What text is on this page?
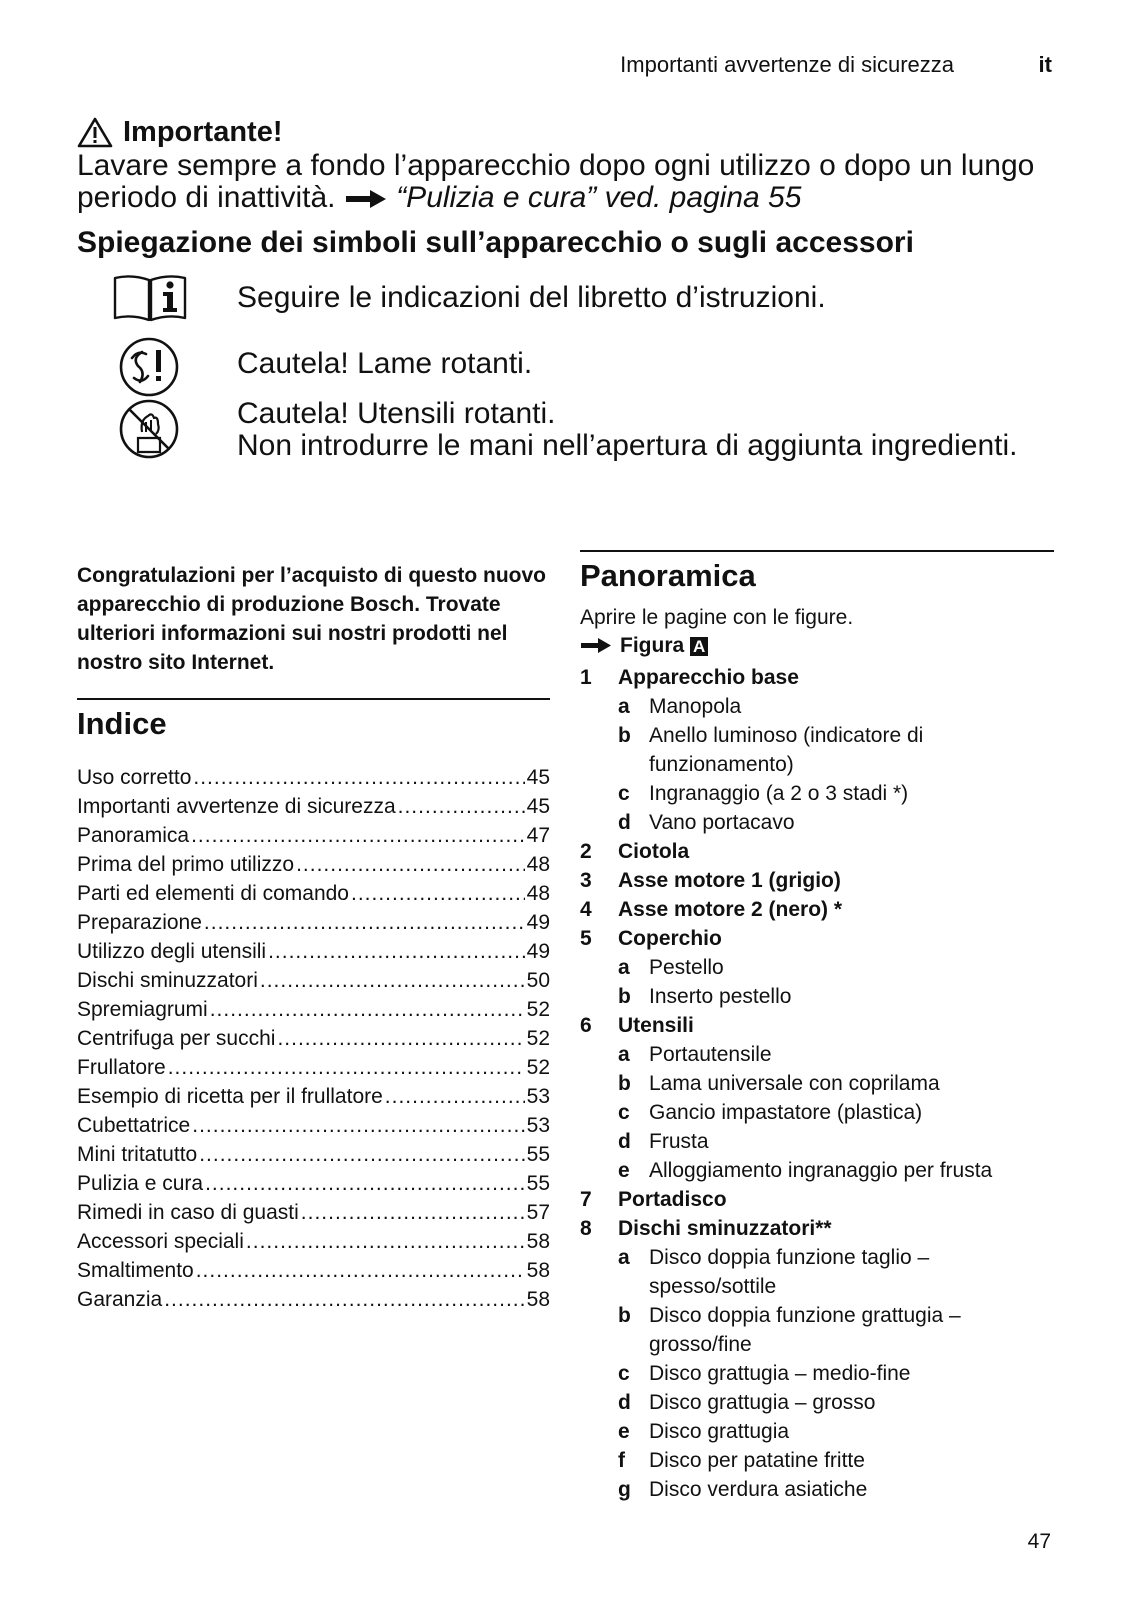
Importanti avvertenze di sicurezza	it
Importante!
Lavare sempre a fondo l’apparecchio dopo ogni utilizzo o dopo un lungo periodo di inattività. “Pulizia e cura” ved. pagina 55
Spiegazione dei simboli sull’apparecchio o sugli accessori
Seguire le indicazioni del libretto d’istruzioni.
Cautela! Lame rotanti.
Cautela! Utensili rotanti.
Non introdurre le mani nell’apertura di aggiunta ingredienti.
Congratulazioni per l’acquisto di questo nuovo apparecchio di produzione Bosch. Trovate ulteriori informazioni sui nostri prodotti nel nostro sito Internet.
Indice
Uso corretto .....	45
Importanti avvertenze di sicurezza .....	45
Panoramica .....	47
Prima del primo utilizzo .....	48
Parti ed elementi di comando .....	48
Preparazione .....	49
Utilizzo degli utensili .....	49
Dischi sminuzzatori .....	50
Spremiagrumi .....	52
Centrifuga per succhi .....	52
Frullatore .....	52
Esempio di ricetta per il frullatore .....	53
Cubettatrice .....	53
Mini tritatutto .....	55
Pulizia e cura .....	55
Rimedi in caso di guasti .....	57
Accessori speciali .....	58
Smaltimento .....	58
Garanzia .....	58
Panoramica
Aprire le pagine con le figure.
Figura A
1 Apparecchio base
a Manopola
b Anello luminoso (indicatore di funzionamento)
c Ingranaggio (a 2 o 3 stadi *)
d Vano portacavo
2 Ciotola
3 Asse motore 1 (grigio)
4 Asse motore 2 (nero) *
5 Coperchio
a Pestello
b Inserto pestello
6 Utensili
a Portautensile
b Lama universale con coprilama
c Gancio impastatore (plastica)
d Frusta
e Alloggiamento ingranaggio per frusta
7 Portadisco
8 Dischi sminuzzatori**
a Disco doppia funzione taglio – spesso/sottile
b Disco doppia funzione grattugia – grosso/fine
c Disco grattugia – medio-fine
d Disco grattugia – grosso
e Disco grattugia
f Disco per patatine fritte
g Disco verdura asiatiche
47
